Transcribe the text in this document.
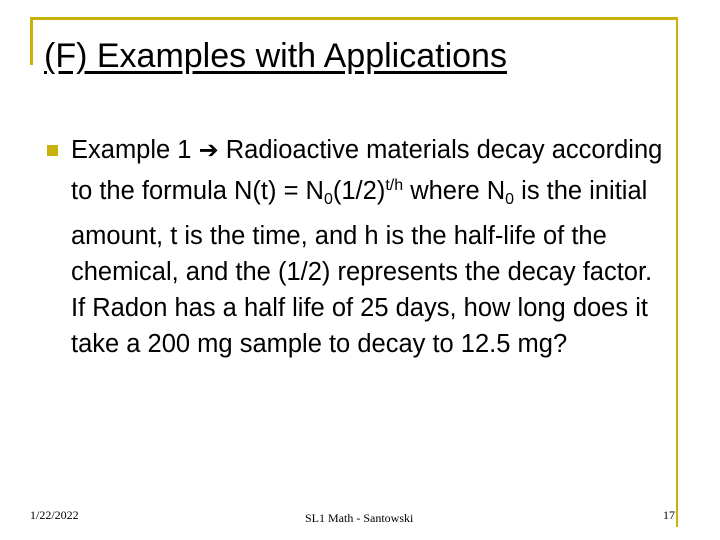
(F) Examples with Applications
Example 1 ➔ Radioactive materials decay according to the formula $N(t) = N_0(1/2)^{t/h}$ where $N_0$ is the initial amount, t is the time, and h is the half-life of the chemical, and the (1/2) represents the decay factor. If Radon has a half life of 25 days, how long does it take a 200 mg sample to decay to 12.5 mg?
1/22/2022	SL1 Math - Santowski	17
